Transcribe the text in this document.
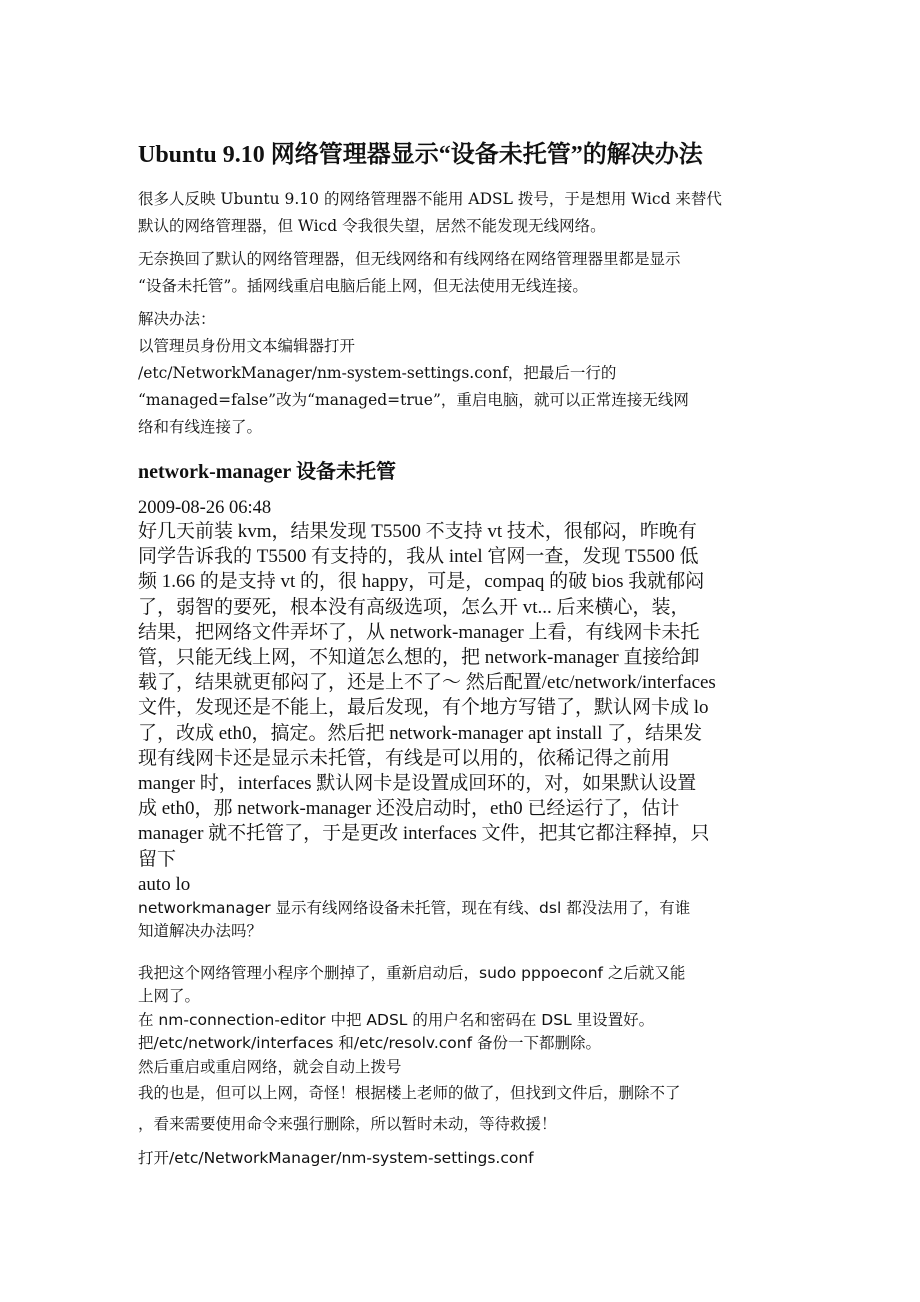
Ubuntu 9.10 网络管理器显示“设备未托管”的解决办法

很多人反映 Ubuntu 9.10 的网络管理器不能用 ADSL 拨号，于是想用 Wicd 来替代
默认的网络管理器，但 Wicd 令我很失望，居然不能发现无线网络。

无奈换回了默认的网络管理器，但无线网络和有线网络在网络管理器里都是显示
“设备未托管”。插网线重启电脑后能上网，但无法使用无线连接。

解决办法：
以管理员身份用文本编辑器打开
/etc/NetworkManager/nm-system-settings.conf，把最后一行的
“managed=false”改为“managed=true”，重启电脑，就可以正常连接无线网
络和有线连接了。

network-manager 设备未托管

2009-08-26 06:48

好几天前装 kvm，结果发现 T5500 不支持 vt 技术，很郁闷，昨晚有
同学告诉我的 T5500 有支持的，我从 intel 官网一查，发现 T5500 低
频 1.66 的是支持 vt 的，很 happy，可是，compaq 的破 bios 我就郁闷
了，弱智的要死，根本没有高级选项，怎么开 vt... 后来横心，装，
结果，把网络文件弄坏了，从 network-manager 上看，有线网卡未托
管，只能无线上网，不知道怎么想的，把 network-manager 直接给卸
载了，结果就更郁闷了，还是上不了～ 然后配置/etc/network/interfaces
文件，发现还是不能上，最后发现，有个地方写错了，默认网卡成 lo
了，改成 eth0，搞定。然后把 network-manager apt install 了，结果发
现有线网卡还是显示未托管，有线是可以用的，依稀记得之前用
manger 时，interfaces 默认网卡是设置成回环的，对，如果默认设置
成 eth0，那 network-manager 还没启动时，eth0 已经运行了，估计
manager 就不托管了，于是更改 interfaces 文件，把其它都注释掉，只
留下

auto lo

networkmanager 显示有线网络设备未托管，现在有线、dsl 都没法用了，有谁
知道解决办法吗？

我把这个网络管理小程序个删掉了，重新启动后，sudo pppoeconf 之后就又能
上网了。
在 nm-connection-editor 中把 ADSL 的用户名和密码在 DSL 里设置好。
把/etc/network/interfaces 和/etc/resolv.conf 备份一下都删除。
然后重启或重启网络，就会自动上拨号

我的也是，但可以上网，奇怪！根据楼上老师的做了，但找到文件后，删除不了
，看来需要使用命令来强行删除，所以暂时未动，等待救援！

打开/etc/NetworkManager/nm-system-settings.conf
